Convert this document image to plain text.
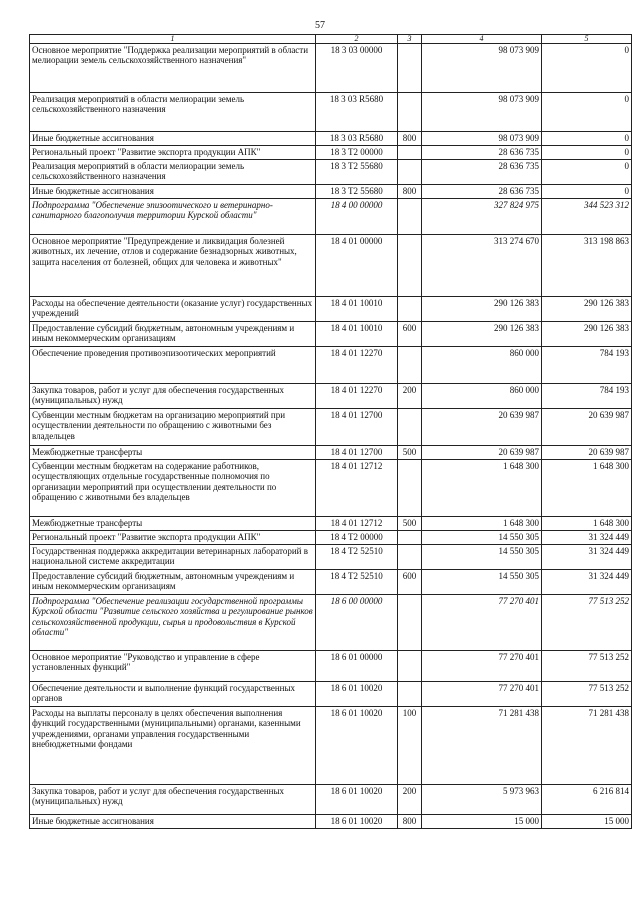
57
1	2	3	4	5
Основное мероприятие "Поддержка реализации мероприятий в области мелиорации земель сельскохозяйственного назначения"	18 3 03 00000		98 073 909	0
Реализация мероприятий в области мелиорации земель сельскохозяйственного назначения	18 3 03 R5680		98 073 909	0
Иные бюджетные ассигнования	18 3 03 R5680	800	98 073 909	0
Региональный проект "Развитие экспорта продукции АПК"	18 3 T2 00000		28 636 735	0
Реализация мероприятий в области мелиорации земель сельскохозяйственного назначения	18 3 T2 55680		28 636 735	0
Иные бюджетные ассигнования	18 3 T2 55680	800	28 636 735	0
Подпрограмма "Обеспечение эпизоотического и ветеринарно-санитарного благополучия территории Курской области"	18 4 00 00000		327 824 975	344 523 312
Основное мероприятие "Предупреждение и ликвидация болезней животных, их лечение, отлов и содержание безнадзорных животных, защита населения от болезней, общих для человека и животных"	18 4 01 00000		313 274 670	313 198 863
Расходы на обеспечение деятельности (оказание услуг) государственных учреждений	18 4 01 10010		290 126 383	290 126 383
Предоставление субсидий бюджетным, автономным учреждениям и иным некоммерческим организациям	18 4 01 10010	600	290 126 383	290 126 383
Обеспечение проведения противоэпизоотических мероприятий	18 4 01 12270		860 000	784 193
Закупка товаров, работ и услуг для обеспечения государственных (муниципальных) нужд	18 4 01 12270	200	860 000	784 193
Субвенции местным бюджетам на организацию мероприятий при осуществлении деятельности по обращению с животными без владельцев	18 4 01 12700		20 639 987	20 639 987
Межбюджетные трансферты	18 4 01 12700	500	20 639 987	20 639 987
Субвенции местным бюджетам на содержание работников, осуществляющих отдельные государственные полномочия по организации мероприятий при осуществлении деятельности по обращению с животными без владельцев	18 4 01 12712		1 648 300	1 648 300
Межбюджетные трансферты	18 4 01 12712	500	1 648 300	1 648 300
Региональный проект "Развитие экспорта продукции АПК"	18 4 T2 00000		14 550 305	31 324 449
Государственная поддержка аккредитации ветеринарных лабораторий в национальной системе аккредитации	18 4 T2 52510		14 550 305	31 324 449
Предоставление субсидий бюджетным, автономным учреждениям и иным некоммерческим организациям	18 4 T2 52510	600	14 550 305	31 324 449
Подпрограмма "Обеспечение реализации государственной программы Курской области "Развитие сельского хозяйства и регулирование рынков сельскохозяйственной продукции, сырья и продовольствия в Курской области"	18 6 00 00000		77 270 401	77 513 252
Основное мероприятие "Руководство и управление в сфере установленных функций"	18 6 01 00000		77 270 401	77 513 252
Обеспечение деятельности и выполнение функций государственных органов	18 6 01 10020		77 270 401	77 513 252
Расходы на выплаты персоналу в целях обеспечения выполнения функций государственными (муниципальными) органами, казенными учреждениями, органами управления государственными внебюджетными фондами	18 6 01 10020	100	71 281 438	71 281 438
Закупка товаров, работ и услуг для обеспечения государственных (муниципальных) нужд	18 6 01 10020	200	5 973 963	6 216 814
Иные бюджетные ассигнования	18 6 01 10020	800	15 000	15 000
